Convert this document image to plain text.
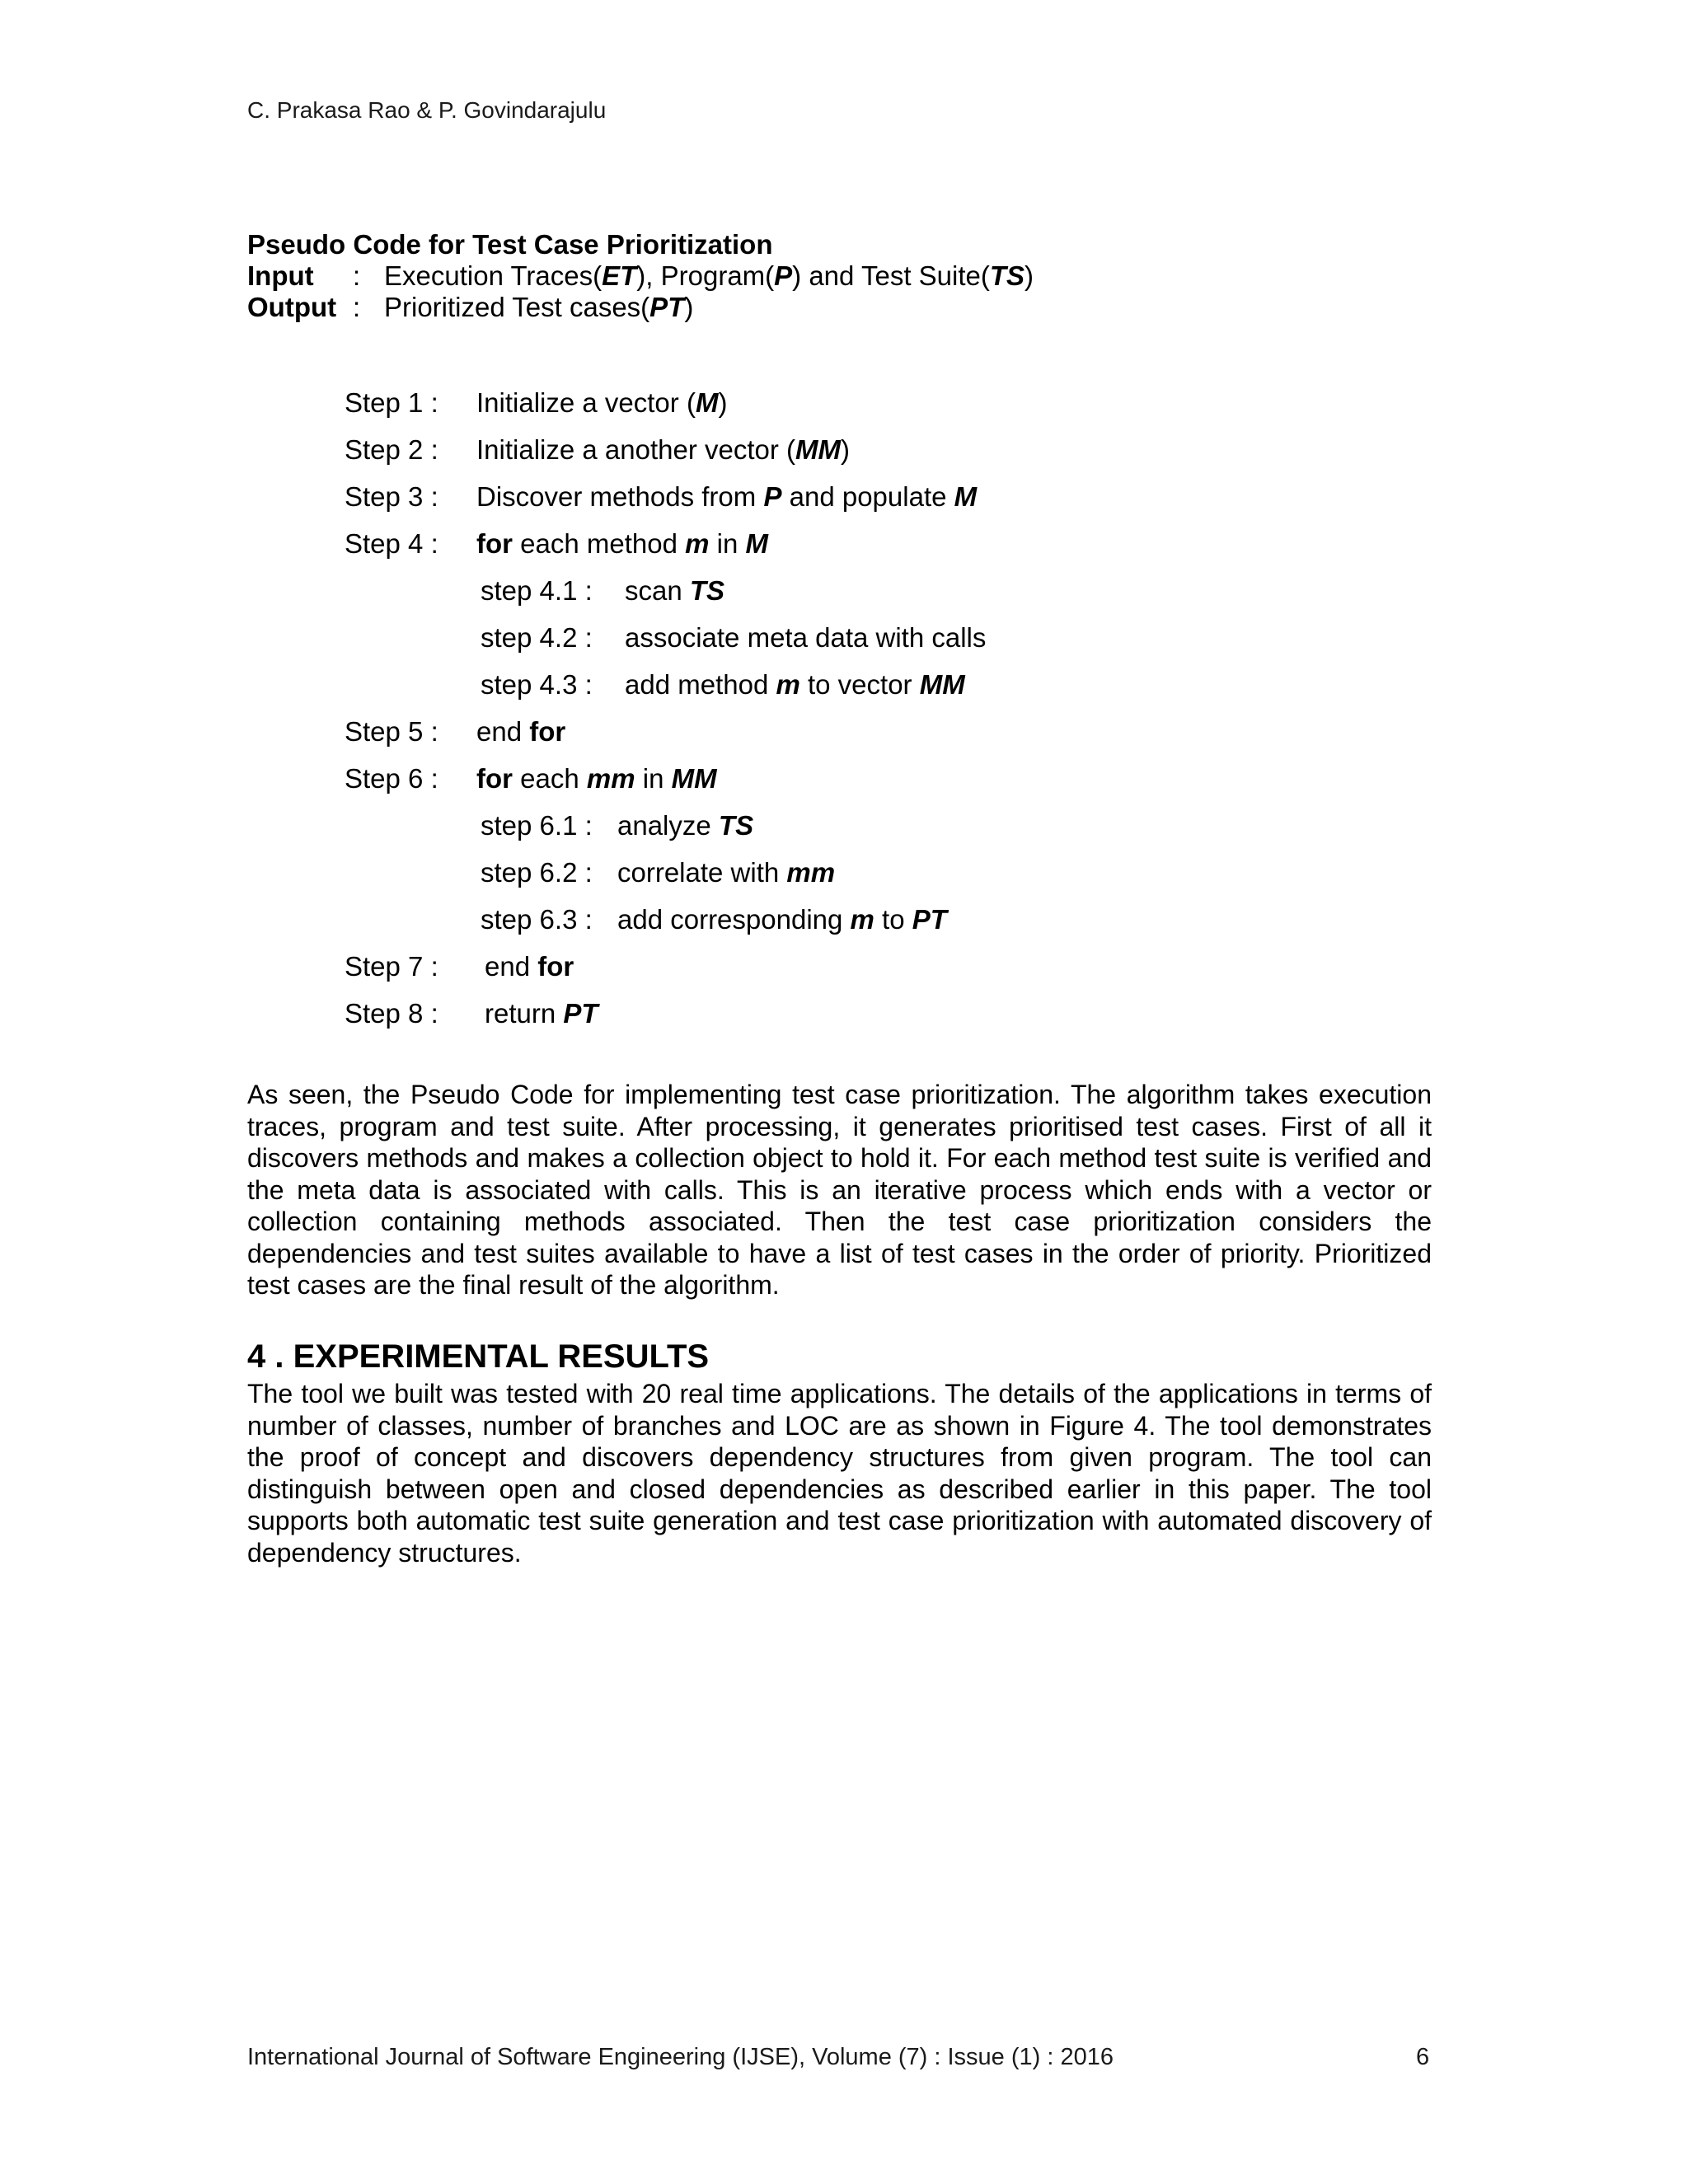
C. Prakasa Rao & P. Govindarajulu
Pseudo Code for Test Case Prioritization
Input : Execution Traces(ET), Program(P) and Test Suite(TS)
Output : Prioritized Test cases(PT)
Step 1 : Initialize a vector (M)
Step 2 : Initialize a another vector (MM)
Step 3 : Discover methods from P and populate M
Step 4 : for each method m in M
step 4.1 : scan TS
step 4.2 : associate meta data with calls
step 4.3 : add method m to vector MM
Step 5 : end for
Step 6 : for each mm in MM
step 6.1 : analyze TS
step 6.2 : correlate with mm
step 6.3 : add corresponding m to PT
Step 7 : end for
Step 8 : return PT

As seen, the Pseudo Code for implementing test case prioritization. The algorithm takes execution traces, program and test suite. After processing, it generates prioritised test cases. First of all it discovers methods and makes a collection object to hold it. For each method test suite is verified and the meta data is associated with calls. This is an iterative process which ends with a vector or collection containing methods associated. Then the test case prioritization considers the dependencies and test suites available to have a list of test cases in the order of priority. Prioritized test cases are the final result of the algorithm.

4 . EXPERIMENTAL RESULTS

The tool we built was tested with 20 real time applications. The details of the applications in terms of number of classes, number of branches and LOC are as shown in Figure 4. The tool demonstrates the proof of concept and discovers dependency structures from given program. The tool can distinguish between open and closed dependencies as described earlier in this paper. The tool supports both automatic test suite generation and test case prioritization with automated discovery of dependency structures.

International Journal of Software Engineering (IJSE), Volume (7) : Issue (1) : 2016	6
